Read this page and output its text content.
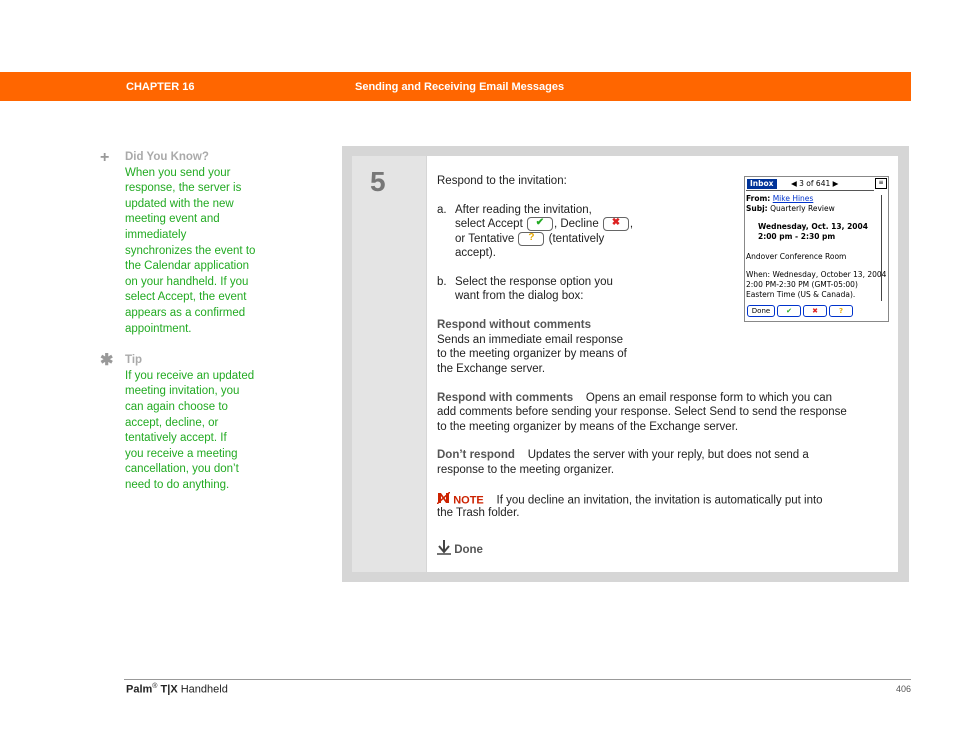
CHAPTER 16	Sending and Receiving Email Messages
+ Did You Know?
When you send your
response, the server is
updated with the new
meeting event and
immediately
synchronizes the event to
the Calendar application
on your handheld. If you
select Accept, the event
appears as a confirmed
appointment.
✱ Tip
If you receive an updated
meeting invitation, you
can again choose to
accept, decline, or
tentatively accept. If
you receive a meeting
cancellation, you don’t
need to do anything.
5	Respond to the invitation:
a. After reading the invitation,
select Accept	✔ , Decline	✖ ,
or Tentative	?	(tentatively
accept).
b. Select the response option you
want from the dialog box:
Respond without comments
Sends an immediate email response
to the meeting organizer by means of
the Exchange server.
Respond with comments Opens an email response form to which you can
add comments before sending your response. Select Send to send the response
to the meeting organizer by means of the Exchange server.
Don’t respond Updates the server with your reply, but does not send a
response to the meeting organizer.
NOTE If you decline an invitation, the invitation is automatically put into
the Trash folder.
Done
Inbox	◀ 3 of 641 ▶	≡
From: Mike Hines
Subj: Quarterly Review
Wednesday, Oct. 13, 2004
2:00 pm - 2:30 pm
Andover Conference Room
When: Wednesday, October 13, 2004
2:00 PM-2:30 PM (GMT-05:00)
Eastern Time (US & Canada).
Done	✔	✖	?
Palm® T|X Handheld	406
